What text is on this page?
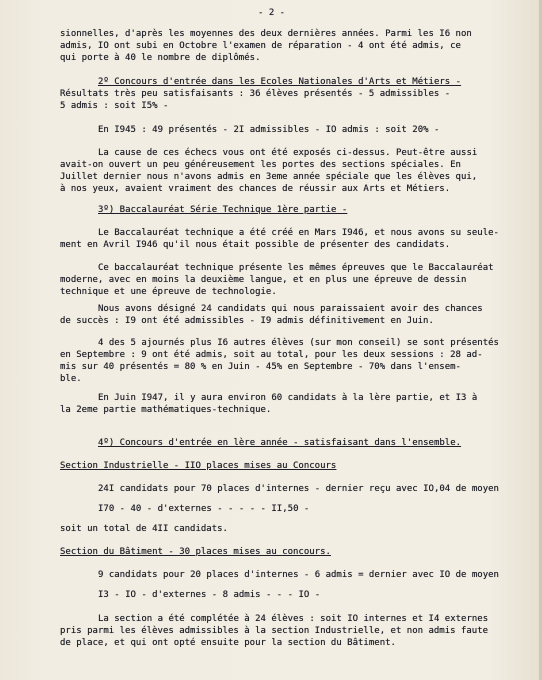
- 2 -
sionnelles, d'après les moyennes des deux dernières années. Parmi les I6 non
admis, IO ont subi en Octobre l'examen de réparation - 4 ont été admis, ce
qui porte à 40 le nombre de diplômés.
2º Concours d'entrée dans les Ecoles Nationales d'Arts et Métiers -
Résultats très peu satisfaisants : 36 élèves présentés - 5 admissibles -
5 admis : soit I5% -
En I945 : 49 présentés - 2I admissibles - IO admis : soit 20% -
La cause de ces échecs vous ont été exposés ci-dessus. Peut-être aussi
avait-on ouvert un peu généreusement les portes des sections spéciales. En
Juillet dernier nous n'avons admis en 3eme année spéciale que les élèves qui,
à nos yeux, avaient vraiment des chances de réussir aux Arts et Métiers.
3º) Baccalauréat Série Technique 1ère partie -
Le Baccalauréat technique a été créé en Mars I946, et nous avons su seule-
ment en Avril I946 qu'il nous était possible de présenter des candidats.
Ce baccalauréat technique présente les mêmes épreuves que le Baccalauréat
moderne, avec en moins la deuxième langue, et en plus une épreuve de dessin
technique et une épreuve de technologie.
Nous avons désigné 24 candidats qui nous paraissaient avoir des chances
de succès : I9 ont été admissibles - I9 admis définitivement en Juin.
4 des 5 ajournés plus I6 autres élèves (sur mon conseil) se sont présentés
en Septembre : 9 ont été admis, soit au total, pour les deux sessions : 28 ad-
mis sur 40 présentés = 80 % en Juin - 45% en Septembre - 70% dans l'ensem-
ble.
En Juin I947, il y aura environ 60 candidats à la lère partie, et I3 à
la 2eme partie mathématiques-technique.
4º) Concours d'entrée en lère année - satisfaisant dans l'ensemble.
Section Industrielle - IIO places mises au Concours
24I candidats pour 70 places d'internes - dernier reçu avec IO,04 de moyen
I70 - 40 - d'externes - - - - - II,50 -
soit un total de 4II candidats.
Section du Bâtiment - 30 places mises au concours.
9 candidats pour 20 places d'internes - 6 admis = dernier avec IO de moyen
I3 - IO - d'externes - 8 admis - - - IO -
La section a été complétée à 24 élèves : soit IO internes et I4 externes
pris parmi les élèves admissibles à la section Industrielle, et non admis faute
de place, et qui ont opté ensuite pour la section du Bâtiment.
